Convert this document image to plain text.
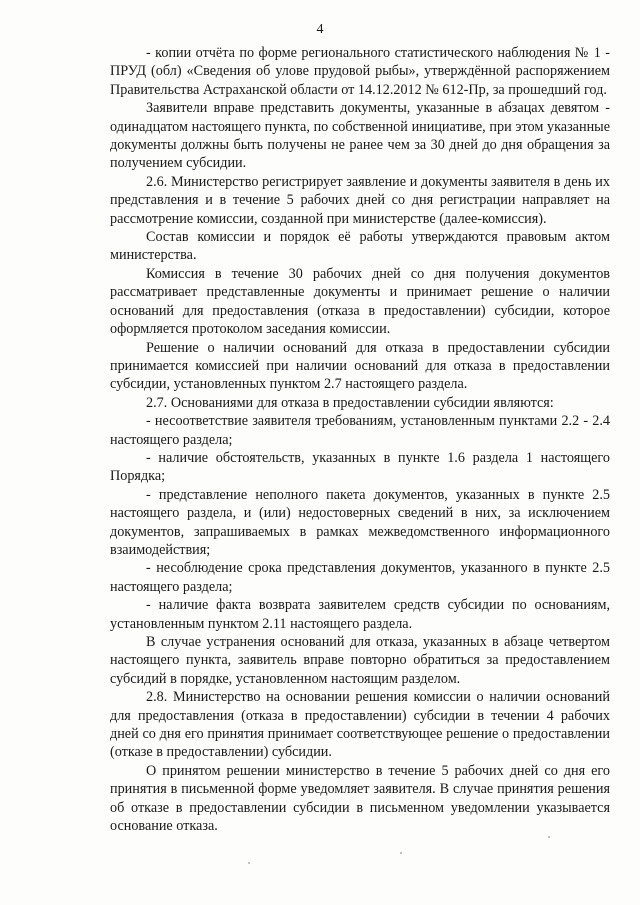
4

- копии отчёта по форме регионального статистического наблюдения № 1 - ПРУД (обл) «Сведения об улове прудовой рыбы», утверждённой распоряжением Правительства Астраханской области от 14.12.2012 № 612-Пр, за прошедший год.

Заявители вправе представить документы, указанные в абзацах девятом - одинадцатом настоящего пункта, по собственной инициативе, при этом указанные документы должны быть получены не ранее чем за 30 дней до дня обращения за получением субсидии.

2.6. Министерство регистрирует заявление и документы заявителя в день их представления и в течение 5 рабочих дней со дня регистрации направляет на рассмотрение комиссии, созданной при министерстве (далее-комиссия).

Состав комиссии и порядок её работы утверждаются правовым актом министерства.

Комиссия в течение 30 рабочих дней со дня получения документов рассматривает представленные документы и принимает решение о наличии оснований для предоставления (отказа в предоставлении) субсидии, которое оформляется протоколом заседания комиссии.

Решение о наличии оснований для отказа в предоставлении субсидии принимается комиссией при наличии оснований для отказа в предоставлении субсидии, установленных пунктом 2.7 настоящего раздела.

2.7. Основаниями для отказа в предоставлении субсидии являются:

- несоответствие заявителя требованиям, установленным пунктами 2.2 - 2.4 настоящего раздела;

- наличие обстоятельств, указанных в пункте 1.6 раздела 1 настоящего Порядка;

- представление неполного пакета документов, указанных в пункте 2.5 настоящего раздела, и (или) недостоверных сведений в них, за исключением документов, запрашиваемых в рамках межведомственного информационного взаимодействия;

- несоблюдение срока представления документов, указанного в пункте 2.5 настоящего раздела;

- наличие факта возврата заявителем средств субсидии по основаниям, установленным пунктом 2.11 настоящего раздела.

В случае устранения оснований для отказа, указанных в абзаце четвертом настоящего пункта, заявитель вправе повторно обратиться за предоставлением субсидий в порядке, установленном настоящим разделом.

2.8. Министерство на основании решения комиссии о наличии оснований для предоставления (отказа в предоставлении) субсидии в течении 4 рабочих дней со дня его принятия принимает соответствующее решение о предоставлении (отказе в предоставлении) субсидии.

О принятом решении министерство в течение 5 рабочих дней со дня его принятия в письменной форме уведомляет заявителя. В случае принятия решения об отказе в предоставлении субсидии в письменном уведомлении указывается основание отказа.
